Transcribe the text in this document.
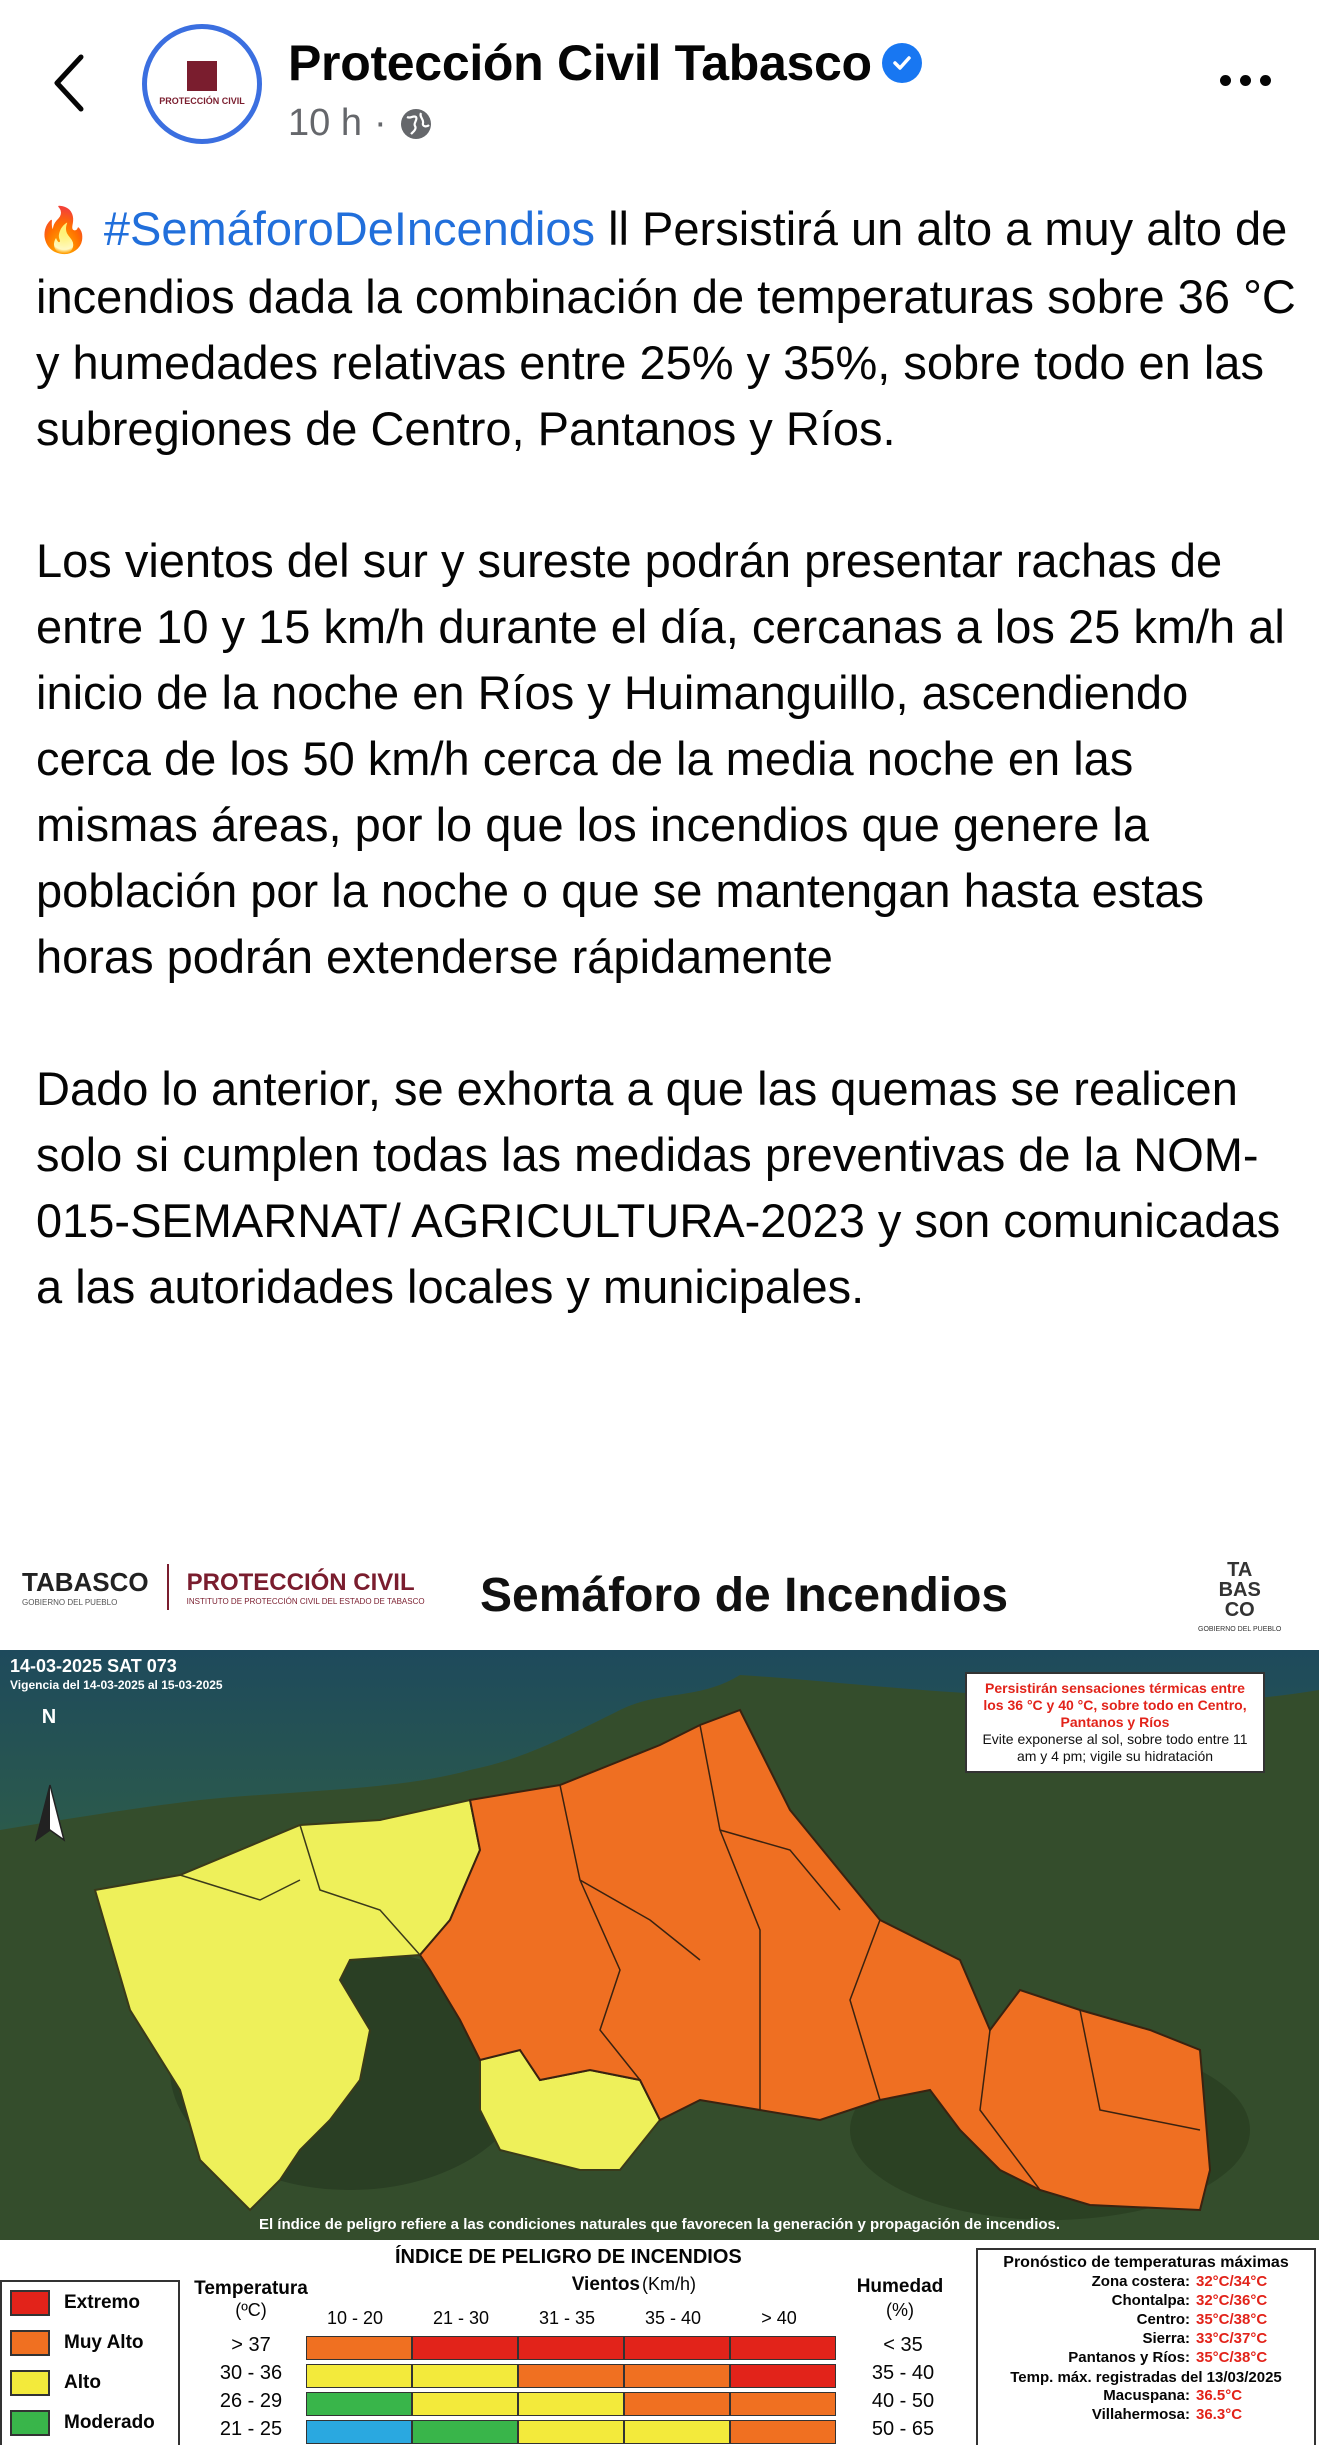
PROTECCIÓN CIVIL
Protección Civil Tabasco
10 h ·

🔥 #SemáforoDeIncendios ll Persistirá un alto a muy alto de incendios dada la combinación de temperaturas sobre 36 °C y humedades relativas entre 25% y 35%, sobre todo en las subregiones de Centro, Pantanos y Ríos.

Los vientos del sur y sureste podrán presentar rachas de entre 10 y 15 km/h durante el día, cercanas a los 25 km/h al inicio de la noche en Ríos y Huimanguillo, ascendiendo cerca de los 50 km/h cerca de la media noche en las mismas áreas, por lo que los incendios que genere la población por la noche o que se mantengan hasta estas horas podrán extenderse rápidamente

Dado lo anterior, se exhorta a que las quemas se realicen solo si cumplen todas las medidas preventivas de la NOM-015-SEMARNAT/ AGRICULTURA-2023 y son comunicadas a las autoridades locales y municipales.

TABASCO
GOBIERNO DEL PUEBLO
PROTECCIÓN CIVIL
INSTITUTO DE PROTECCIÓN CIVIL DEL ESTADO DE TABASCO Semáforo de Incendios	TA
BAS
CO
GOBIERNO DEL PUEBLO
14-03-2025 SAT 073
Vigencia del 14-03-2025 al 15-03-2025
N
Persistirán sensaciones térmicas entre los 36 °C y 40 °C, sobre todo en Centro, Pantanos y Ríos
Evite exponerse al sol, sobre todo entre 11 am y 4 pm; vigile su hidratación
El índice de peligro refiere a las condiciones naturales que favorecen la generación y propagación de incendios.
Extremo
Muy Alto
Alto
Moderado
ÍNDICE DE PELIGRO DE INCENDIOS
Temperatura
(ºC)
Vientos (Km/h)	Humedad
(%)
10 - 20	21 - 30	31 - 35	35 - 40	> 40
> 37	< 35
30 - 36	35 - 40
26 - 29	40 - 50
21 - 25	50 - 65
Pronóstico de temperaturas máximas
Zona costera: 32°C/34°C
Chontalpa: 32°C/36°C
Centro: 35°C/38°C
Sierra: 33°C/37°C
Pantanos y Ríos: 35°C/38°C
Temp. máx. registradas del 13/03/2025
Macuspana: 36.5°C
Villahermosa: 36.3°C
